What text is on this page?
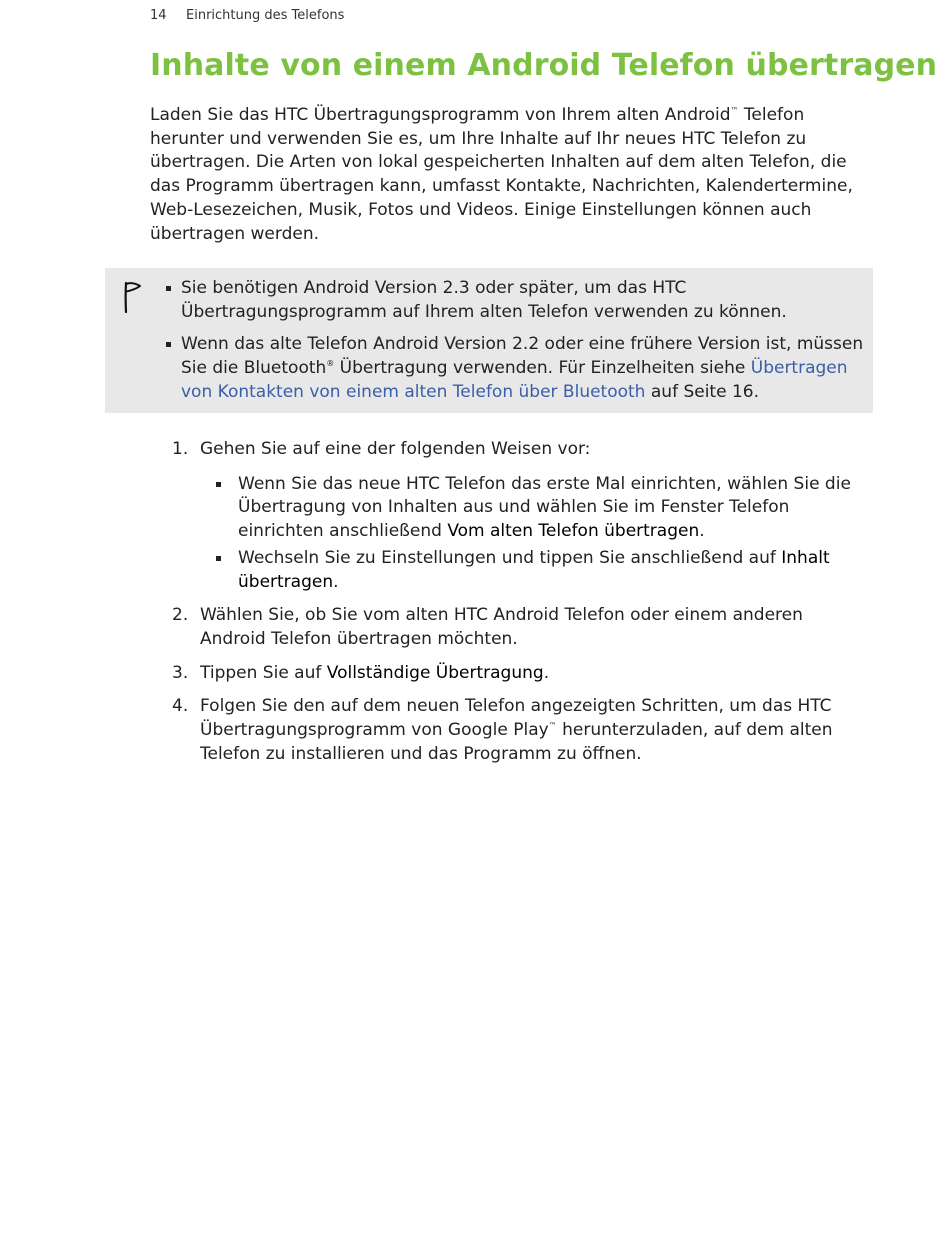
14 Einrichtung des Telefons
Inhalte von einem Android Telefon übertragen

Laden Sie das HTC Übertragungsprogramm von Ihrem alten Android™ Telefon herunter und verwenden Sie es, um Ihre Inhalte auf Ihr neues HTC Telefon zu übertragen. Die Arten von lokal gespeicherten Inhalten auf dem alten Telefon, die das Programm übertragen kann, umfasst Kontakte, Nachrichten, Kalendertermine, Web-Lesezeichen, Musik, Fotos und Videos. Einige Einstellungen können auch übertragen werden.

Sie benötigen Android Version 2.3 oder später, um das HTC Übertragungsprogramm auf Ihrem alten Telefon verwenden zu können.
Wenn das alte Telefon Android Version 2.2 oder eine frühere Version ist, müssen Sie die Bluetooth® Übertragung verwenden. Für Einzelheiten siehe Übertragen von Kontakten von einem alten Telefon über Bluetooth auf Seite 16.
1. Gehen Sie auf eine der folgenden Weisen vor:
Wenn Sie das neue HTC Telefon das erste Mal einrichten, wählen Sie die Übertragung von Inhalten aus und wählen Sie im Fenster Telefon einrichten anschließend Vom alten Telefon übertragen.
Wechseln Sie zu Einstellungen und tippen Sie anschließend auf Inhalt übertragen.
2. Wählen Sie, ob Sie vom alten HTC Android Telefon oder einem anderen Android Telefon übertragen möchten.
3. Tippen Sie auf Vollständige Übertragung.
4. Folgen Sie den auf dem neuen Telefon angezeigten Schritten, um das HTC Übertragungsprogramm von Google Play™ herunterzuladen, auf dem alten Telefon zu installieren und das Programm zu öffnen.
